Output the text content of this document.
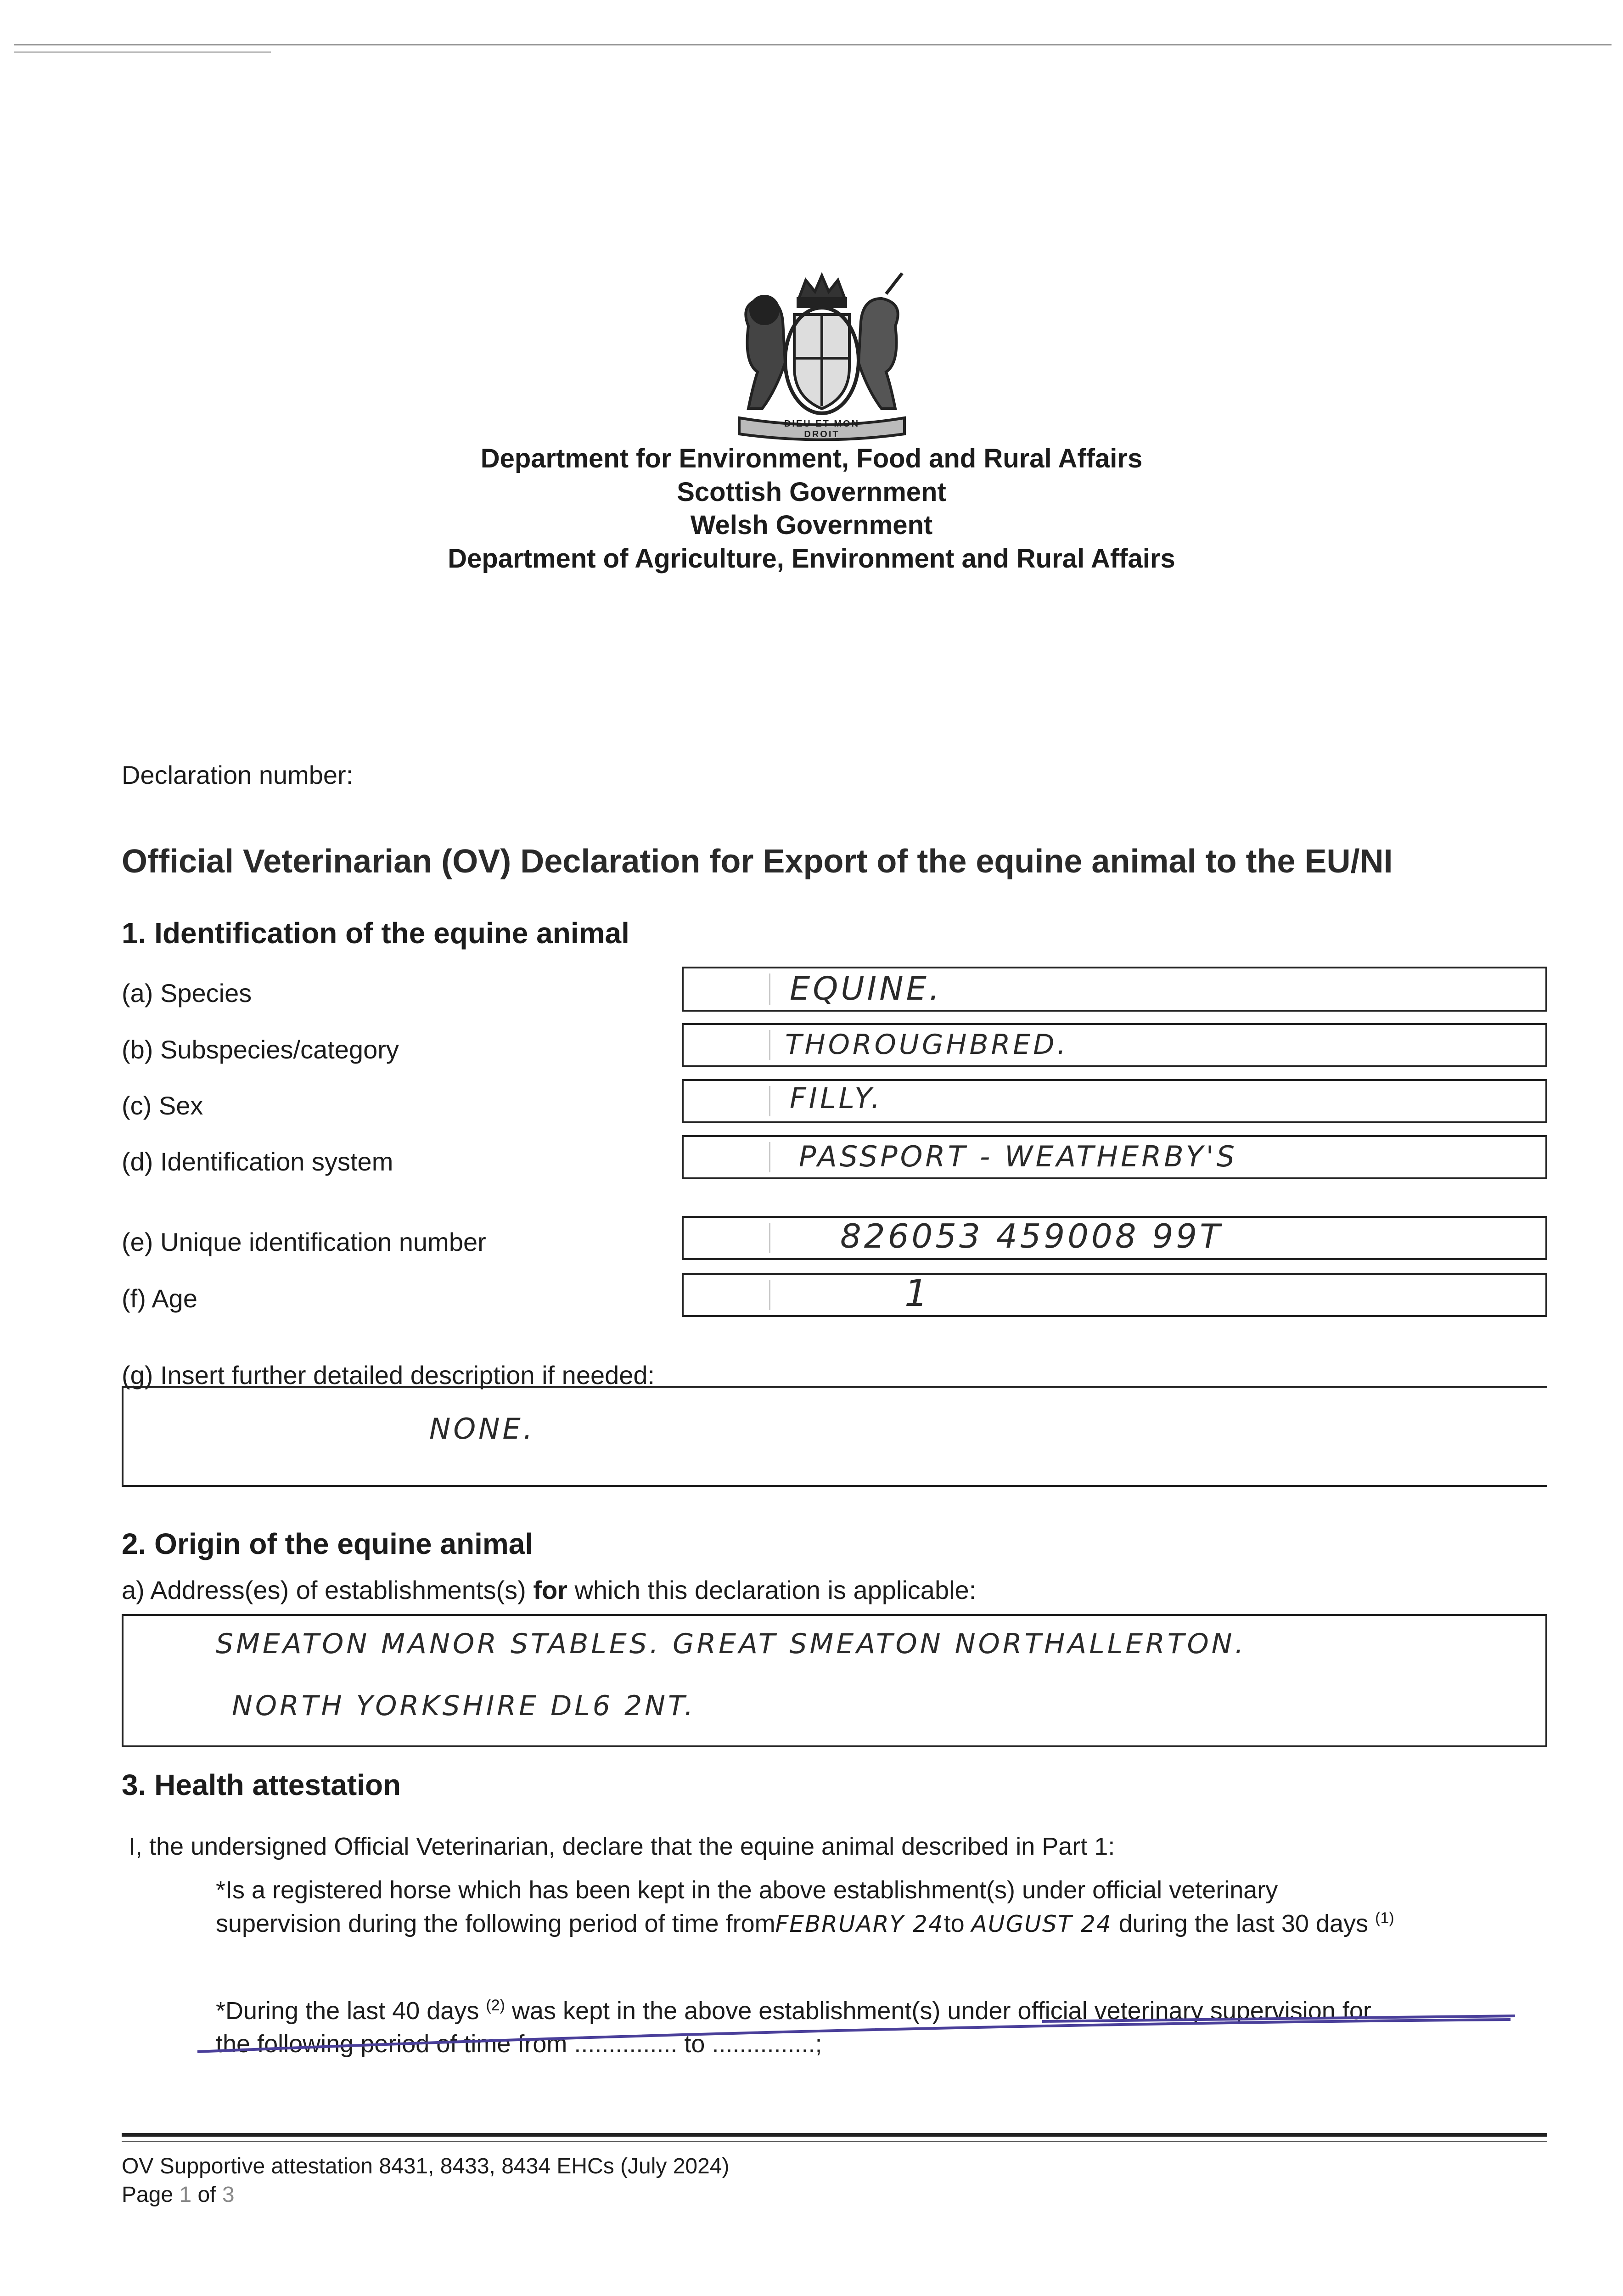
DIEU ET MON DROIT
Department for Environment, Food and Rural Affairs
Scottish Government
Welsh Government
Department of Agriculture, Environment and Rural Affairs
Declaration number:
Official Veterinarian (OV) Declaration for Export of the equine animal to the EU/NI
1. Identification of the equine animal
(a) Species	EQUINE.
(b) Subspecies/category	THOROUGHBRED.
(c) Sex	FILLY.
(d) Identification system	PASSPORT - WEATHERBY'S
(e) Unique identification number	826053 459008 99T
(f) Age	1
(g) Insert further detailed description if needed:
NONE.
2. Origin of the equine animal
a) Address(es) of establishments(s) for which this declaration is applicable:
SMEATON MANOR STABLES. GREAT SMEATON NORTHALLERTON.
NORTH YORKSHIRE DL6 2NT.
3. Health attestation
I, the undersigned Official Veterinarian, declare that the equine animal described in Part 1:
*Is a registered horse which has been kept in the above establishment(s) under official veterinary
supervision during the following period of time fromFEBRUARY 24to AUGUST 24 during the last 30 days $^{(1)}$
*During the last 40 days $^{(2)}$ was kept in the above establishment(s) under official veterinary supervision for
the following period of time from ............... to ...............;
OV Supportive attestation 8431, 8433, 8434 EHCs (July 2024)
Page 1 of 3
